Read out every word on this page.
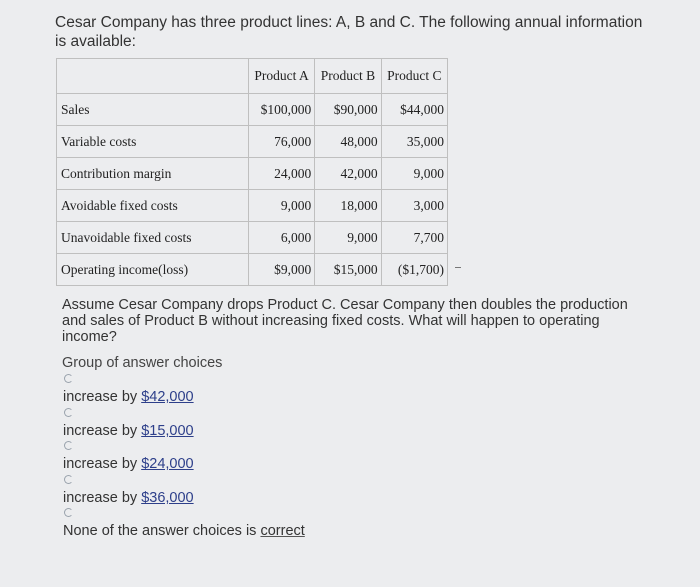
Cesar Company has three product lines: A, B and C. The following annual information is available:
	Product A	Product B	Product C
Sales	$100,000	$90,000	$44,000
Variable costs	76,000	48,000	35,000
Contribution margin	24,000	42,000	9,000
Avoidable fixed costs	9,000	18,000	3,000
Unavoidable fixed costs	6,000	9,000	7,700
Operating income(loss)	$9,000	$15,000	($1,700)
Assume Cesar Company drops Product C. Cesar Company then doubles the production and sales of Product B without increasing fixed costs. What will happen to operating income?
Group of answer choices
increase by $42,000
increase by $15,000
increase by $24,000
increase by $36,000
None of the answer choices is correct
